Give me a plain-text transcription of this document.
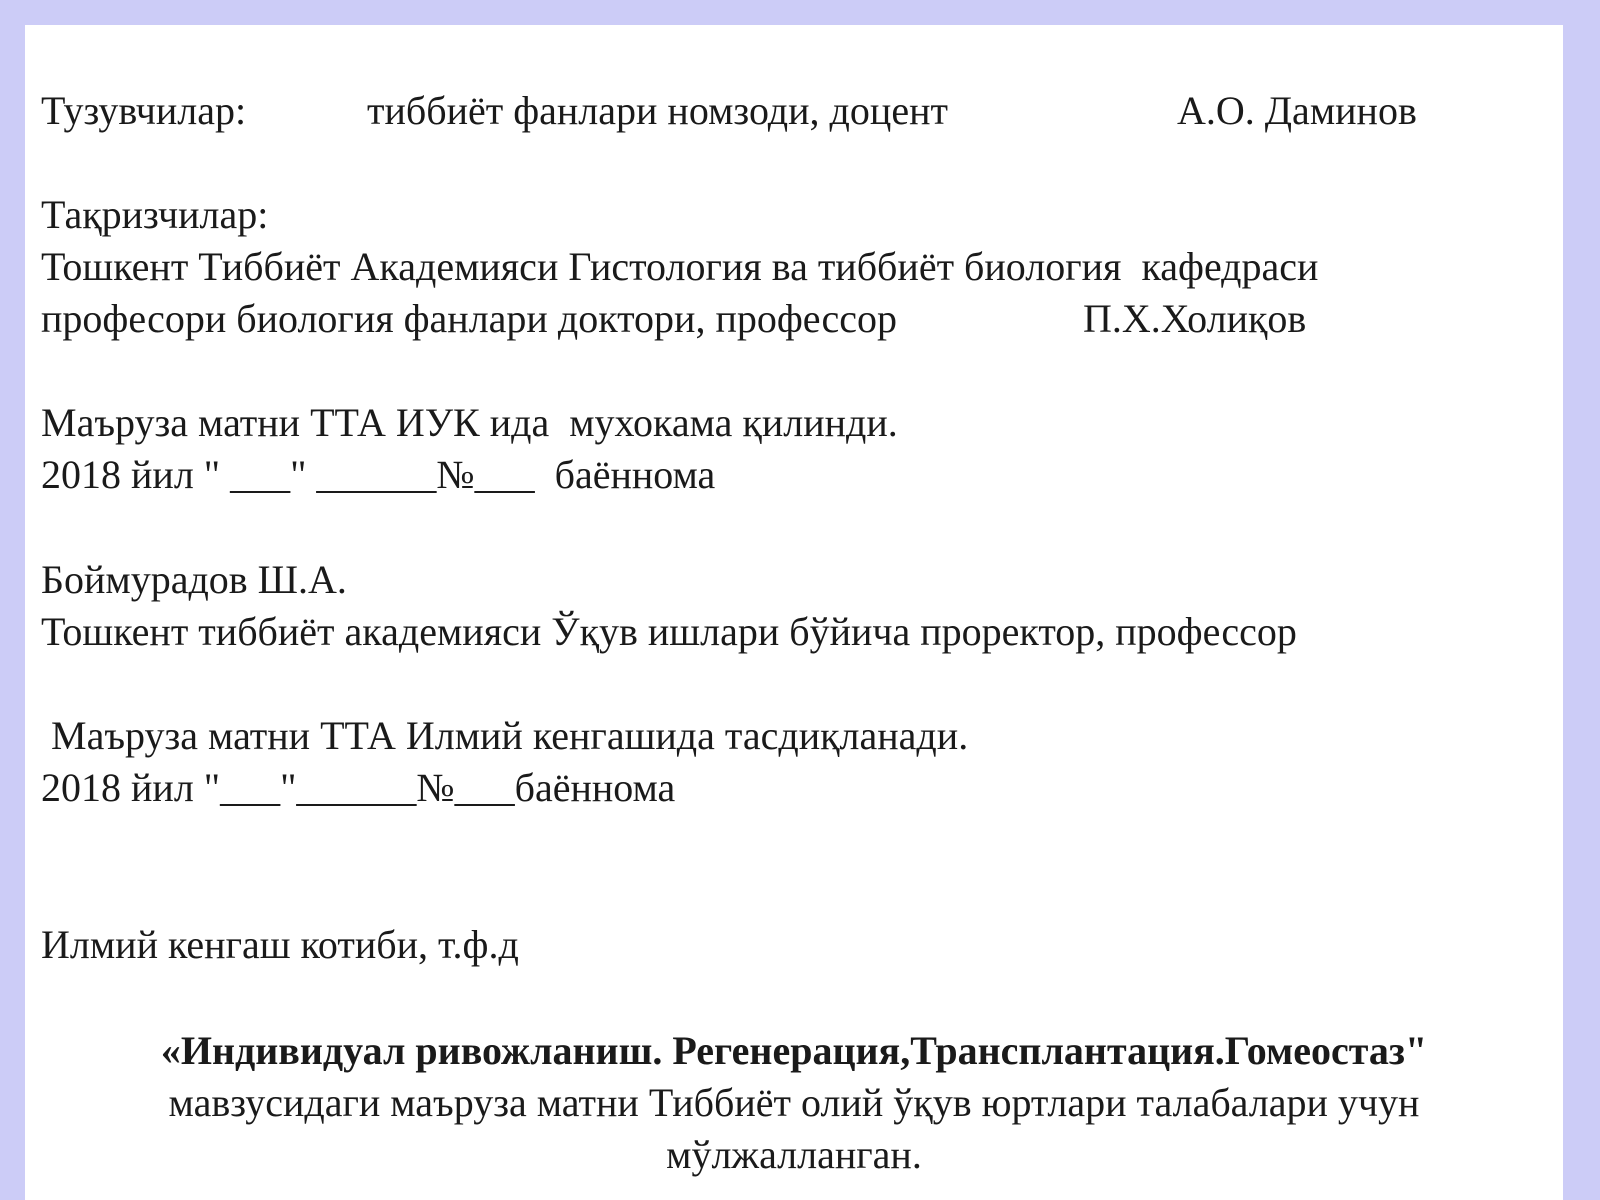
Тузувчилар:	тиббиёт фанлари номзоди, доцент	А.О. Даминов
Тақризчилар:
Тошкент Тиббиёт Академияси Гистология ва тиббиёт биология  кафедраси
професори биология фанлари доктори, профессор	П.Х.Холиқов
Маъруза матни ТТА ИУК ида  мухокама қилинди.
2018 йил " ___" ______№___  баённома
Боймурадов Ш.А.
Тошкент тиббиёт академияси Ўқув ишлари бўйича проректор, профессор
Маъруза матни ТТА Илмий кенгашида тасдиқланади.
2018 йил "___"______№___баённома
Илмий кенгаш котиби, т.ф.д
«Индивидуал ривожланиш. Регенерация,Трансплантация.Гомеостаз"
мавзусидаги маъруза матни Тиббиёт олий ўқув юртлари талабалари учун
мўлжалланган.
